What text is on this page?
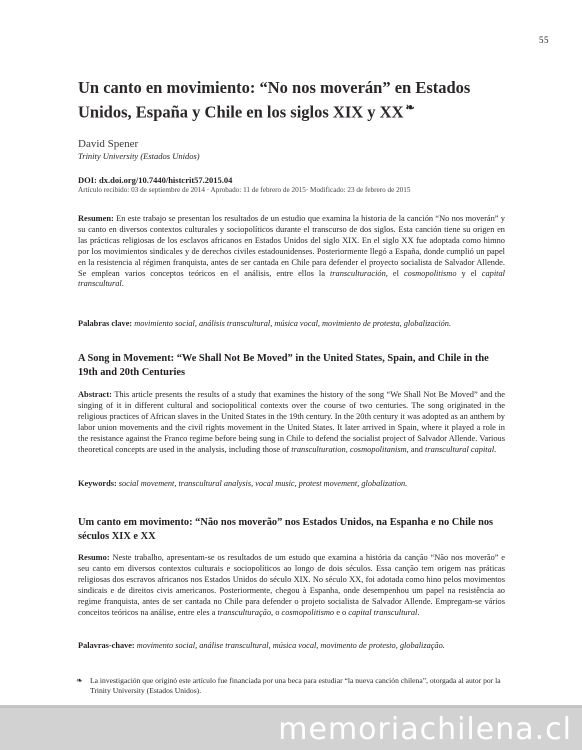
55
Un canto en movimiento: “No nos moverán” en Estados Unidos, España y Chile en los siglos XIX y XX ❧
David Spener
Trinity University (Estados Unidos)
DOI: dx.doi.org/10.7440/histcrit57.2015.04
Artículo recibido: 03 de septiembre de 2014 · Aprobado: 11 de febrero de 2015· Modificado: 23 de febrero de 2015

Resumen: En este trabajo se presentan los resultados de un estudio que examina la historia de la canción “No nos moverán” y su canto en diversos contextos culturales y sociopolíticos durante el transcurso de dos siglos. Esta canción tiene su origen en las prácticas religiosas de los esclavos africanos en Estados Unidos del siglo XIX. En el siglo XX fue adoptada como himno por los movimientos sindicales y de derechos civiles estadounidenses. Posteriormente llegó a España, donde cumplió un papel en la resistencia al régimen franquista, antes de ser cantada en Chile para defender el proyecto socialista de Salvador Allende. Se emplean varios conceptos teóricos en el análisis, entre ellos la transculturación, el cosmopolitismo y el capital transcultural.

Palabras clave: movimiento social, análisis transcultural, música vocal, movimiento de protesta, globalización.

A Song in Movement: “We Shall Not Be Moved” in the United States, Spain, and Chile in the 19th and 20th Centuries

Abstract: This article presents the results of a study that examines the history of the song “We Shall Not Be Moved” and the singing of it in different cultural and sociopolitical contexts over the course of two centuries. The song originated in the religious practices of African slaves in the United States in the 19th century. In the 20th century it was adopted as an anthem by labor union movements and the civil rights movement in the United States. It later arrived in Spain, where it played a role in the resistance against the Franco regime before being sung in Chile to defend the socialist project of Salvador Allende. Various theoretical concepts are used in the analysis, including those of transculturation, cosmopolitanism, and transcultural capital.

Keywords: social movement, transcultural analysis, vocal music, protest movement, globalization.

Um canto em movimento: “Não nos moverão” nos Estados Unidos, na Espanha e no Chile nos séculos XIX e XX

Resumo: Neste trabalho, apresentam-se os resultados de um estudo que examina a história da canção “Não nos moverão” e seu canto em diversos contextos culturais e sociopolíticos ao longo de dois séculos. Essa canção tem origem nas práticas religiosas dos escravos africanos nos Estados Unidos do século XIX. No século XX, foi adotada como hino pelos movimentos sindicais e de direitos civis americanos. Posteriormente, chegou à Espanha, onde desempenhou um papel na resistência ao regime franquista, antes de ser cantada no Chile para defender o projeto socialista de Salvador Allende. Empregam-se vários conceitos teóricos na análise, entre eles a transculturação, o cosmopolitismo e o capital transcultural.

Palavras-chave: movimento social, análise transcultural, música vocal, movimento de protesto, globalização.

❧ La investigación que originó este artículo fue financiada por una beca para estudiar “la nueva canción chilena”, otorgada al autor por la Trinity University (Estados Unidos).
memoriachilena.cl
